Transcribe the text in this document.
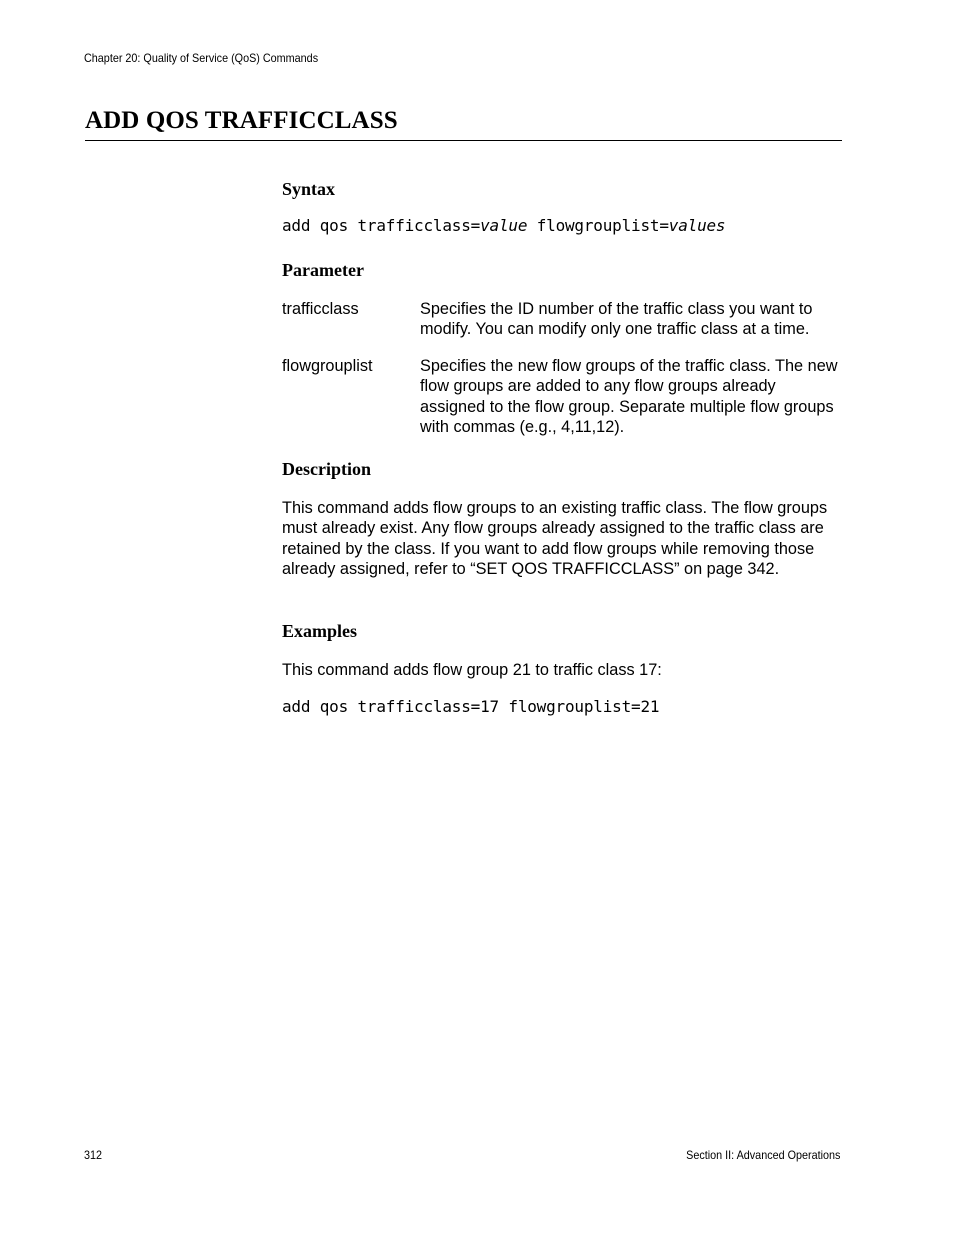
Chapter 20: Quality of Service (QoS) Commands
ADD QOS TRAFFICCLASS
Syntax
add qos trafficclass=value flowgrouplist=values
Parameter
trafficclass	Specifies the ID number of the traffic class you want to modify. You can modify only one traffic class at a time.
flowgrouplist	Specifies the new flow groups of the traffic class. The new flow groups are added to any flow groups already assigned to the flow group. Separate multiple flow groups with commas (e.g., 4,11,12).
Description

This command adds flow groups to an existing traffic class. The flow groups must already exist. Any flow groups already assigned to the traffic class are retained by the class. If you want to add flow groups while removing those already assigned, refer to “SET QOS TRAFFICCLASS” on page 342.

Examples

This command adds flow group 21 to traffic class 17:

add qos trafficclass=17 flowgrouplist=21
312	Section II: Advanced Operations
